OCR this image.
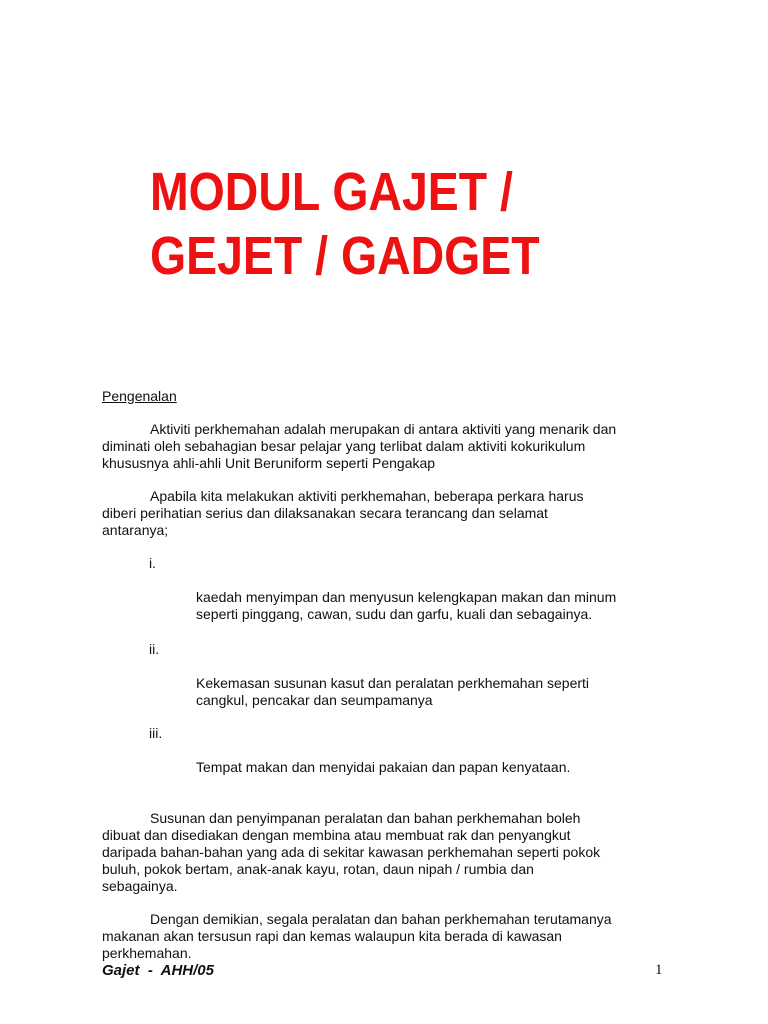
MODUL GAJET /
GEJET / GADGET
Pengenalan

Aktiviti perkhemahan adalah merupakan di antara aktiviti yang menarik dan
diminati oleh sebahagian besar pelajar yang terlibat dalam aktiviti kokurikulum
khususnya ahli-ahli Unit Beruniform seperti Pengakap

Apabila kita melakukan aktiviti perkhemahan, beberapa perkara harus
diberi perihatian serius dan dilaksanakan secara terancang dan selamat
antaranya;

i.

kaedah menyimpan dan menyusun kelengkapan makan dan minum
seperti pinggang, cawan, sudu dan garfu, kuali dan sebagainya.

ii.

Kekemasan susunan kasut dan peralatan perkhemahan seperti
cangkul, pencakar dan seumpamanya

iii.

Tempat makan dan menyidai pakaian dan papan kenyataan.

Susunan dan penyimpanan peralatan dan bahan perkhemahan boleh
dibuat dan disediakan dengan membina atau membuat rak dan penyangkut
daripada bahan-bahan yang ada di sekitar kawasan perkhemahan seperti pokok
buluh, pokok bertam, anak-anak kayu, rotan, daun nipah / rumbia dan
sebagainya.

Dengan demikian, segala peralatan dan bahan perkhemahan terutamanya
makanan akan tersusun rapi dan kemas walaupun kita berada di kawasan
perkhemahan.

Gajet  -  AHH/05	1
